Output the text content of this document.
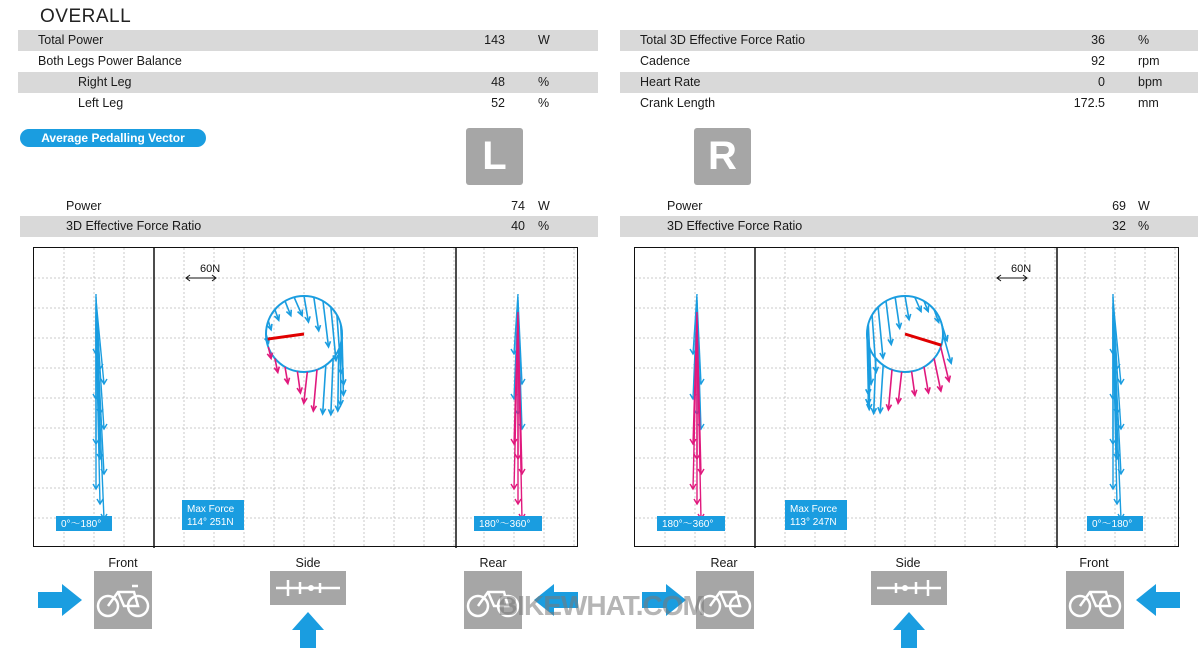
OVERALL
Total Power	143	W
Both Legs Power Balance
Right Leg	48	%
Left Leg	52	%
Total 3D Effective Force Ratio	36	%
Cadence	92	rpm
Heart Rate	0	bpm
Crank Length	172.5	mm
Average Pedalling Vector	L	R
Power	74 W
3D Effective Force Ratio	40 %
Power	69 W
3D Effective Force Ratio	32 %
60N
Max Force
114° 251N
0°～180°	180°～360°
60N
Max Force
113° 247N
180°～360°	0°～180°
Front	Side	Rear	Rear	Side	Front
BIKEWHAT.COM
